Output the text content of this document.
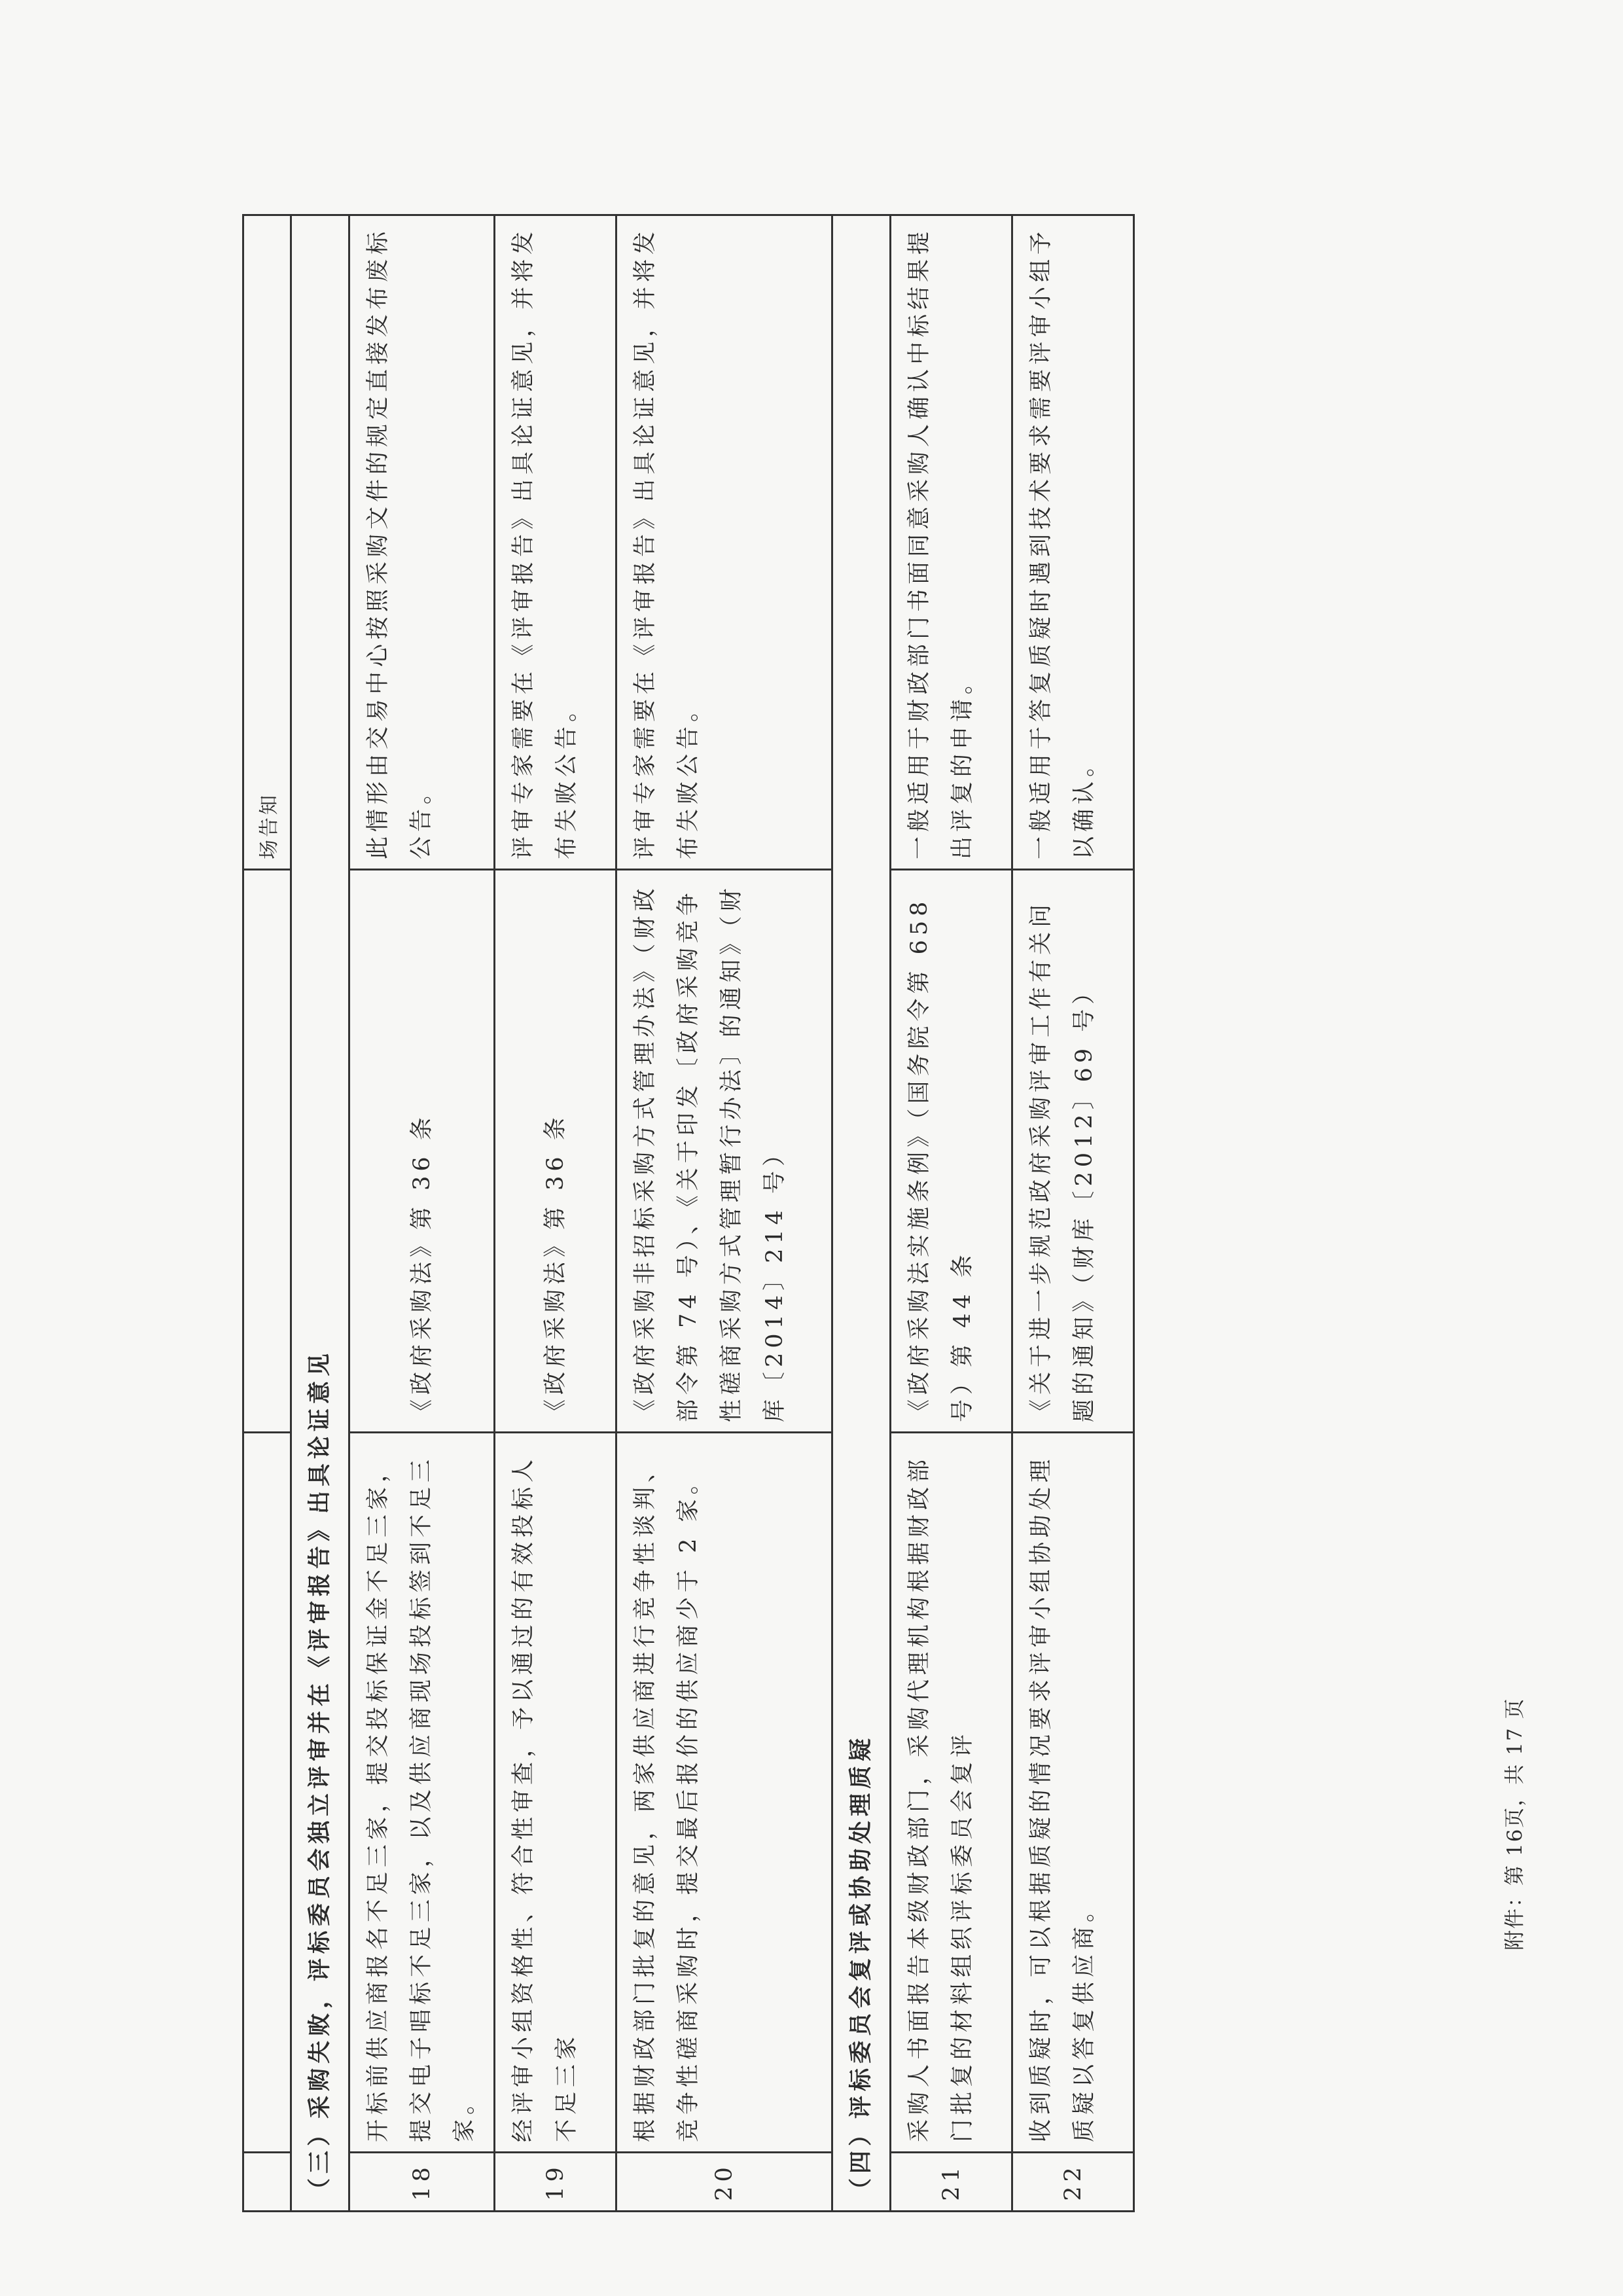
			场告知
（三）采购失败，评标委员会独立评审并在《评审报告》出具论证意见			
18	开标前供应商报名不足三家，提交投标保证金不足三家，提交电子唱标不足三家，以及供应商现场投标签到不足三家。	《政府采购法》第 36 条	此情形由交易中心按照采购文件的规定直接发布废标公告。
19	经评审小组资格性、符合性审查，予以通过的有效投标人不足三家	《政府采购法》第 36 条	评审专家需要在《评审报告》出具论证意见，并将发布失败公告。
20	根据财政部门批复的意见，两家供应商进行竞争性谈判、竞争性磋商采购时，提交最后报价的供应商少于 2 家。	《政府采购非招标采购方式管理办法》（财政部令第 74 号）、《关于印发〔政府采购竞争性磋商采购方式管理暂行办法〕的通知》（财库〔2014〕214 号）	评审专家需要在《评审报告》出具论证意见，并将发布失败公告。
（四）评标委员会复评或协助处理质疑			
21	采购人书面报告本级财政部门，采购代理机构根据财政部门批复的材料组织评标委员会复评	《政府采购法实施条例》（国务院令第 658 号）第 44 条	一般适用于财政部门书面同意采购人确认中标结果提出评复的申请。
22	收到质疑时，可以根据质疑的情况要求评审小组协助处理质疑以答复供应商。	《关于进一步规范政府采购评审工作有关问题的通知》（财库〔2012〕69 号）	一般适用于答复质疑时遇到技术要求需要评审小组予以确认。
附件：第 16页，共 17 页
